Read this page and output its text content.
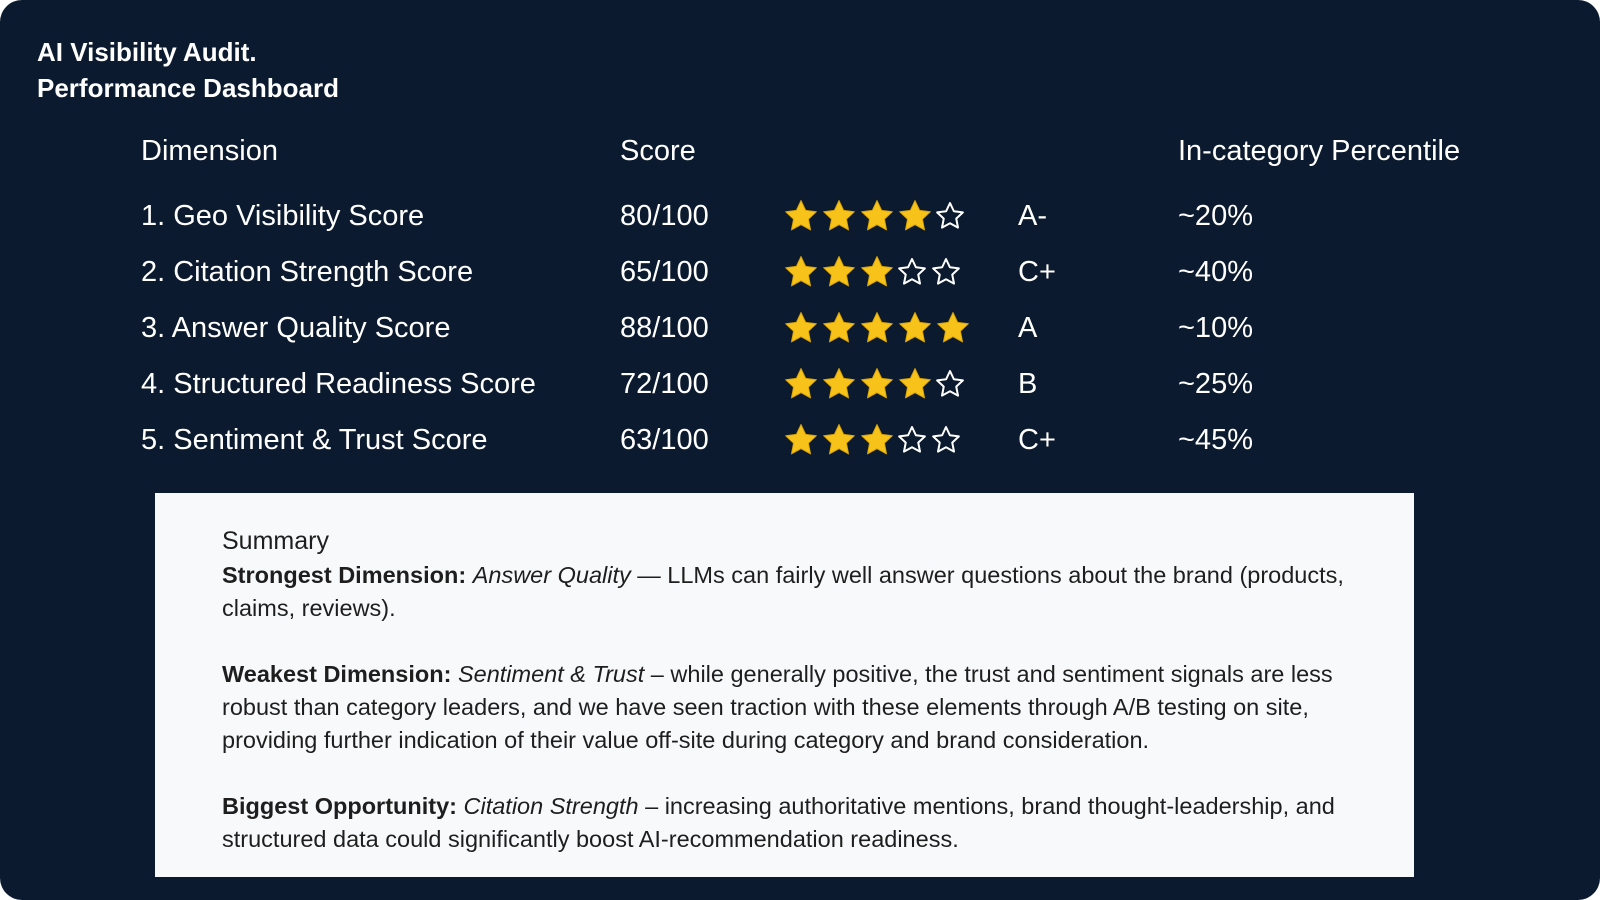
AI Visibility Audit.
Performance Dashboard
Dimension	Score	In-category Percentile
1. Geo Visibility Score	80/100	A-	~20%
2. Citation Strength Score	65/100	C+	~40%
3. Answer Quality Score	88/100	A	~10%
4. Structured Readiness Score	72/100	B	~25%
5. Sentiment & Trust Score	63/100	C+	~45%

Summary

Strongest Dimension: Answer Quality — LLMs can fairly well answer questions about the brand (products, claims, reviews).

Weakest Dimension: Sentiment & Trust – while generally positive, the trust and sentiment signals are less robust than category leaders, and we have seen traction with these elements through A/B testing on site, providing further indication of their value off-site during category and brand consideration.

Biggest Opportunity: Citation Strength – increasing authoritative mentions, brand thought-leadership, and structured data could significantly boost AI-recommendation readiness.
